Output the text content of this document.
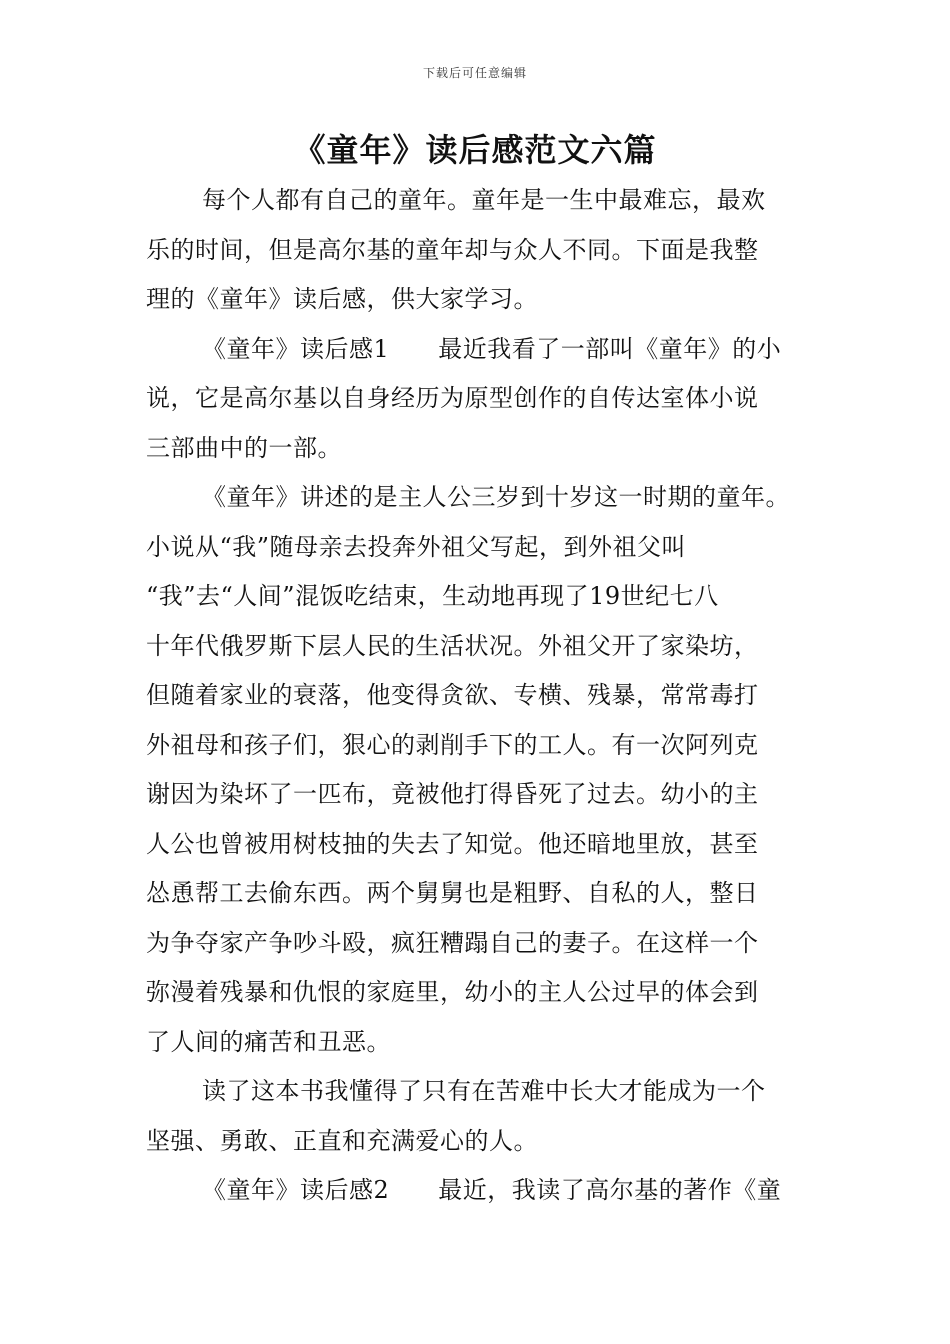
下载后可任意编辑
《童年》读后感范文六篇
每个人都有自己的童年。童年是一生中最难忘，最欢
乐的时间，但是高尔基的童年却与众人不同。下面是我整
理的《童年》读后感，供大家学习。
《童年》读后感1　　最近我看了一部叫《童年》的小
说，它是高尔基以自身经历为原型创作的自传达室体小说
三部曲中的一部。
《童年》讲述的是主人公三岁到十岁这一时期的童年。
小说从“我”随母亲去投奔外祖父写起，到外祖父叫
“我”去“人间”混饭吃结束，生动地再现了19世纪七八
十年代俄罗斯下层人民的生活状况。外祖父开了家染坊，
但随着家业的衰落，他变得贪欲、专横、残暴，常常毒打
外祖母和孩子们，狠心的剥削手下的工人。有一次阿列克
谢因为染坏了一匹布，竟被他打得昏死了过去。幼小的主
人公也曾被用树枝抽的失去了知觉。他还暗地里放，甚至
怂恿帮工去偷东西。两个舅舅也是粗野、自私的人，整日
为争夺家产争吵斗殴，疯狂糟蹋自己的妻子。在这样一个
弥漫着残暴和仇恨的家庭里，幼小的主人公过早的体会到
了人间的痛苦和丑恶。
读了这本书我懂得了只有在苦难中长大才能成为一个
坚强、勇敢、正直和充满爱心的人。
《童年》读后感2　　最近，我读了高尔基的著作《童
